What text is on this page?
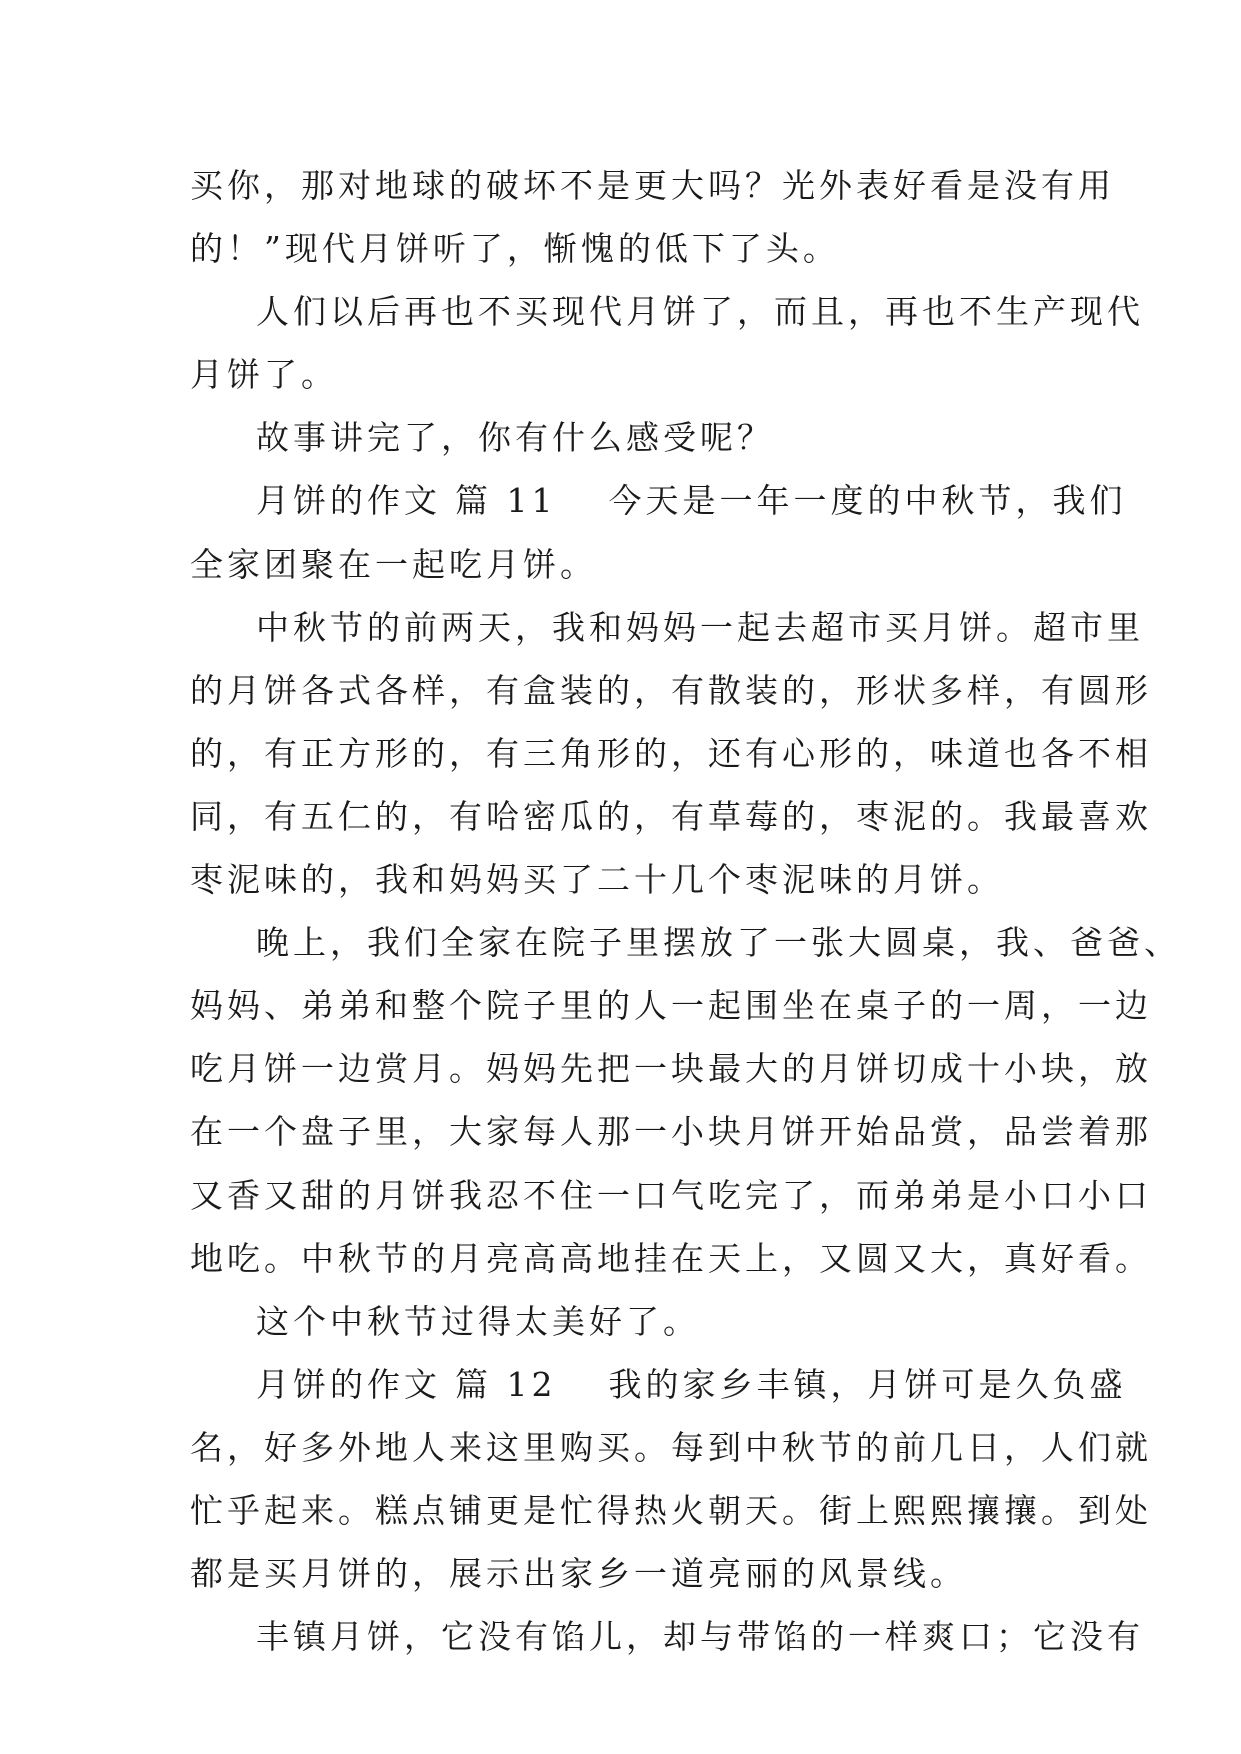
买你，那对地球的破坏不是更大吗？光外表好看是没有用
的！”现代月饼听了，惭愧的低下了头。
人们以后再也不买现代月饼了，而且，再也不生产现代
月饼了。
故事讲完了，你有什么感受呢？
月饼的作文 篇 11 今天是一年一度的中秋节，我们
全家团聚在一起吃月饼。
中秋节的前两天，我和妈妈一起去超市买月饼。超市里
的月饼各式各样，有盒装的，有散装的，形状多样，有圆形
的，有正方形的，有三角形的，还有心形的，味道也各不相
同，有五仁的，有哈密瓜的，有草莓的，枣泥的。我最喜欢
枣泥味的，我和妈妈买了二十几个枣泥味的月饼。
晚上，我们全家在院子里摆放了一张大圆桌，我、爸爸、
妈妈、弟弟和整个院子里的人一起围坐在桌子的一周，一边
吃月饼一边赏月。妈妈先把一块最大的月饼切成十小块，放
在一个盘子里，大家每人那一小块月饼开始品赏，品尝着那
又香又甜的月饼我忍不住一口气吃完了，而弟弟是小口小口
地吃。中秋节的月亮高高地挂在天上，又圆又大，真好看。
这个中秋节过得太美好了。
月饼的作文 篇 12 我的家乡丰镇，月饼可是久负盛
名，好多外地人来这里购买。每到中秋节的前几日，人们就
忙乎起来。糕点铺更是忙得热火朝天。街上熙熙攘攘。到处
都是买月饼的，展示出家乡一道亮丽的风景线。
丰镇月饼，它没有馅儿，却与带馅的一样爽口；它没有
